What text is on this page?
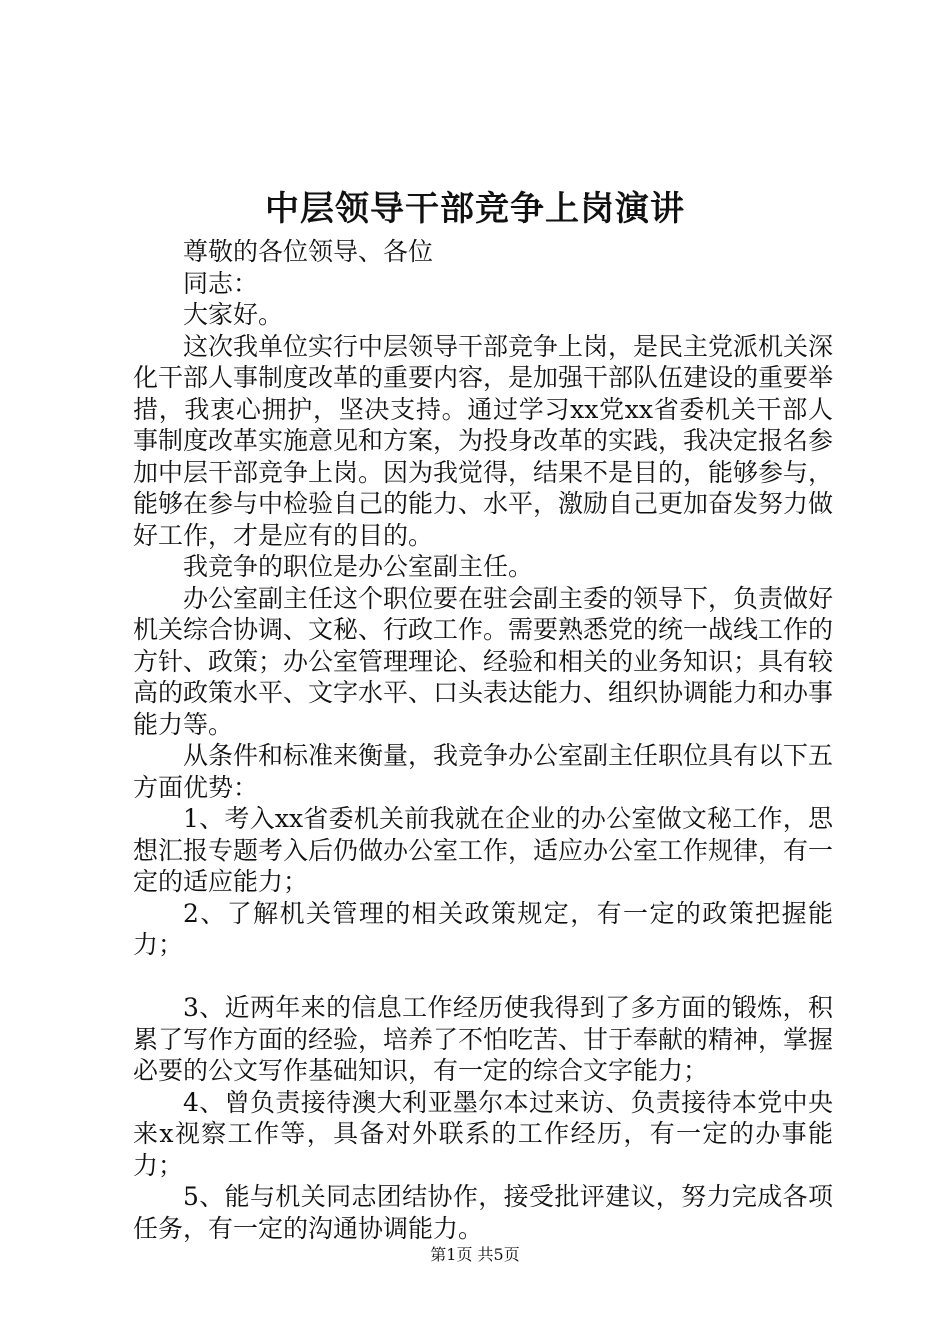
中层领导干部竞争上岗演讲

尊敬的各位领导、各位

同志：

大家好。

这次我单位实行中层领导干部竞争上岗，是民主党派机关深化干部人事制度改革的重要内容，是加强干部队伍建设的重要举措，我衷心拥护，坚决支持。通过学习xx党xx省委机关干部人事制度改革实施意见和方案，为投身改革的实践，我决定报名参加中层干部竞争上岗。因为我觉得，结果不是目的，能够参与，能够在参与中检验自己的能力、水平，激励自己更加奋发努力做好工作，才是应有的目的。

我竞争的职位是办公室副主任。

办公室副主任这个职位要在驻会副主委的领导下，负责做好机关综合协调、文秘、行政工作。需要熟悉党的统一战线工作的方针、政策；办公室管理理论、经验和相关的业务知识；具有较高的政策水平、文字水平、口头表达能力、组织协调能力和办事能力等。

从条件和标准来衡量，我竞争办公室副主任职位具有以下五方面优势：

1、考入xx省委机关前我就在企业的办公室做文秘工作，思想汇报专题考入后仍做办公室工作，适应办公室工作规律，有一定的适应能力；

2、了解机关管理的相关政策规定，有一定的政策把握能力；

3、近两年来的信息工作经历使我得到了多方面的锻炼，积累了写作方面的经验，培养了不怕吃苦、甘于奉献的精神，掌握必要的公文写作基础知识，有一定的综合文字能力；

4、曾负责接待澳大利亚墨尔本过来访、负责接待本党中央来x视察工作等，具备对外联系的工作经历，有一定的办事能力；

5、能与机关同志团结协作，接受批评建议，努力完成各项任务，有一定的沟通协调能力。

第1页 共5页
